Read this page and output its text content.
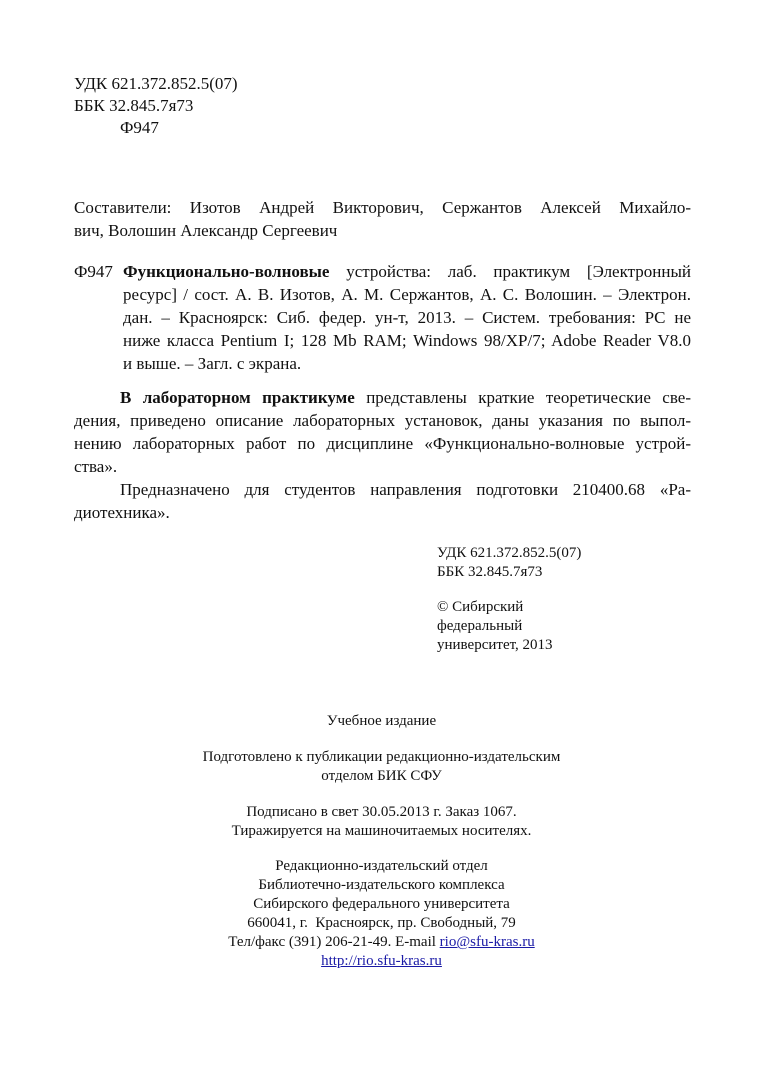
УДК 621.372.852.5(07)
ББК 32.845.7я73
Ф947
Составители: Изотов Андрей Викторович, Сержантов Алексей Михайло-
вич, Волошин Александр Сергеевич
Ф947 Функционально-волновые устройства: лаб. практикум [Электронный
ресурс] / сост. А. В. Изотов, А. М. Сержантов, А. С. Волошин. – Электрон.
дан. – Красноярск: Сиб. федер. ун-т, 2013. – Систем. требования: PC не
ниже класса Pentium I; 128 Mb RAM; Windows 98/XP/7; Adobe Reader V8.0
и выше. – Загл. с экрана.
В лабораторном практикуме представлены краткие теоретические све-
дения, приведено описание лабораторных установок, даны указания по выпол-
нению лабораторных работ по дисциплине «Функционально-волновые устрой-
ства».
Предназначено для студентов направления подготовки 210400.68 «Ра-
диотехника».
УДК 621.372.852.5(07)
ББК 32.845.7я73
© Сибирский
федеральный
университет, 2013
Учебное издание
Подготовлено к публикации редакционно-издательским
отделом БИК СФУ
Подписано в свет 30.05.2013 г. Заказ 1067.
Тиражируется на машиночитаемых носителях.
Редакционно-издательский отдел
Библиотечно-издательского комплекса
Сибирского федерального университета
660041, г.  Красноярск, пр. Свободный, 79
Тел/факс (391) 206-21-49. E-mail rio@sfu-kras.ru
http://rio.sfu-kras.ru
